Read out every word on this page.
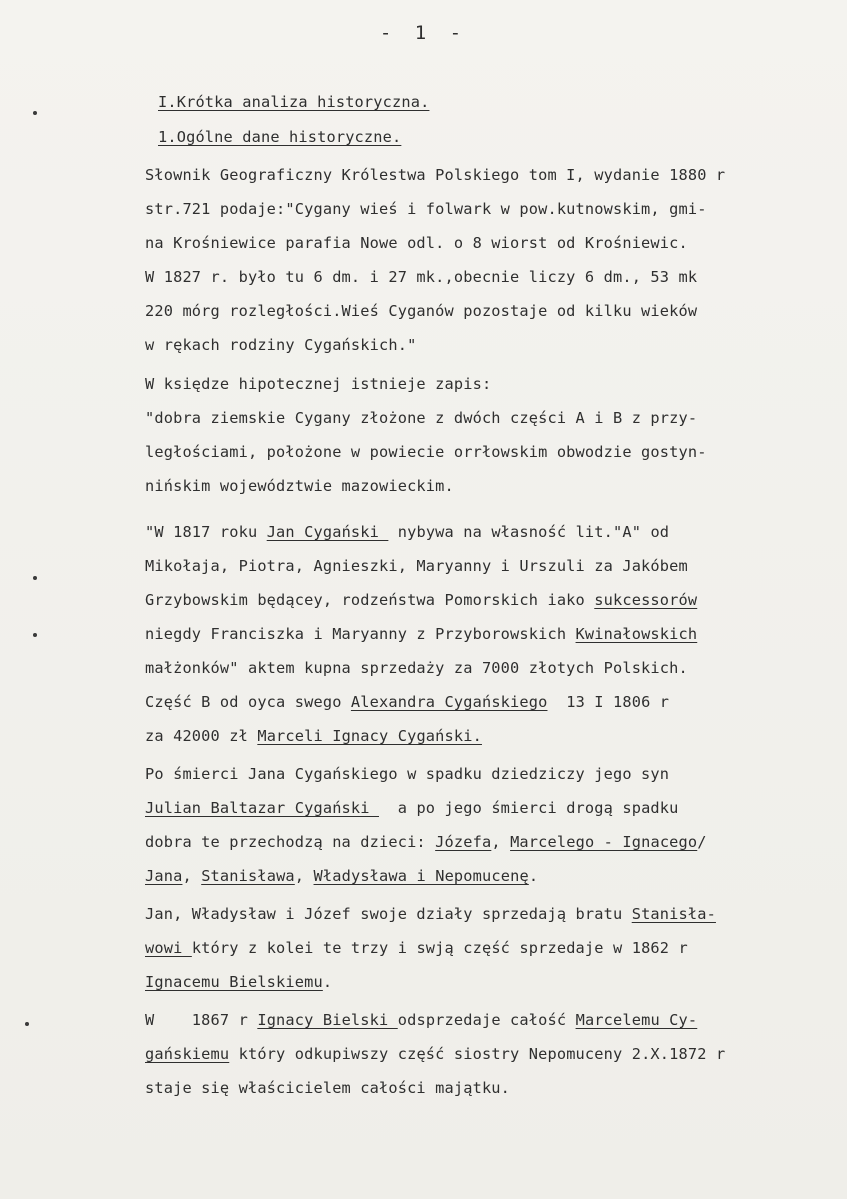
- 1 -
I.Krótka analiza historyczna.
1.Ogólne dane historyczne.
Słownik Geograficzny Królestwa Polskiego tom I, wydanie 1880 r
str.721 podaje:"Cygany wieś i folwark w pow.kutnowskim, gmi-
na Krośniewice parafia Nowe odl. o 8 wiorst od Krośniewic.
W 1827 r. było tu 6 dm. i 27 mk.,obecnie liczy 6 dm., 53 mk
220 mórg rozległości.Wieś Cyganów pozostaje od kilku wieków
w rękach rodziny Cygańskich."
W księdze hipotecznej istnieje zapis:
"dobra ziemskie Cygany złożone z dwóch części A i B z przy-
ległościami, położone w powiecie orrłowskim obwodzie gostyn-
nińskim województwie mazowieckim.
"W 1817 roku Jan Cygański  nybywa na własność lit."A" od
Mikołaja, Piotra, Agnieszki, Maryanny i Urszuli za Jakóbem
Grzybowskim będącey, rodzeństwa Pomorskich iako sukcessorów
niegdy Franciszka i Maryanny z Przyborowskich Kwinałowskich
małżonków" aktem kupna sprzedaży za 7000 złotych Polskich.
Część B od oyca swego Alexandra Cygańskiego  13 I 1806 r
za 42000 zł Marceli Ignacy Cygański.
Po śmierci Jana Cygańskiego w spadku dziedziczy jego syn
Julian Baltazar Cygański   a po jego śmierci drogą spadku
dobra te przechodzą na dzieci: Józefa, Marcelego - Ignacego/
Jana, Stanisława, Władysława i Nepomucenę.
Jan, Władysław i Józef swoje działy sprzedają bratu Stanisła-
wowi który z kolei te trzy i swją część sprzedaje w 1862 r
Ignacemu Bielskiemu.
W    1867 r Ignacy Bielski odsprzedaje całość Marcelemu Cy-
gańskiemu który odkupiwszy część siostry Nepomuceny 2.X.1872 r
staje się właścicielem całości majątku.
